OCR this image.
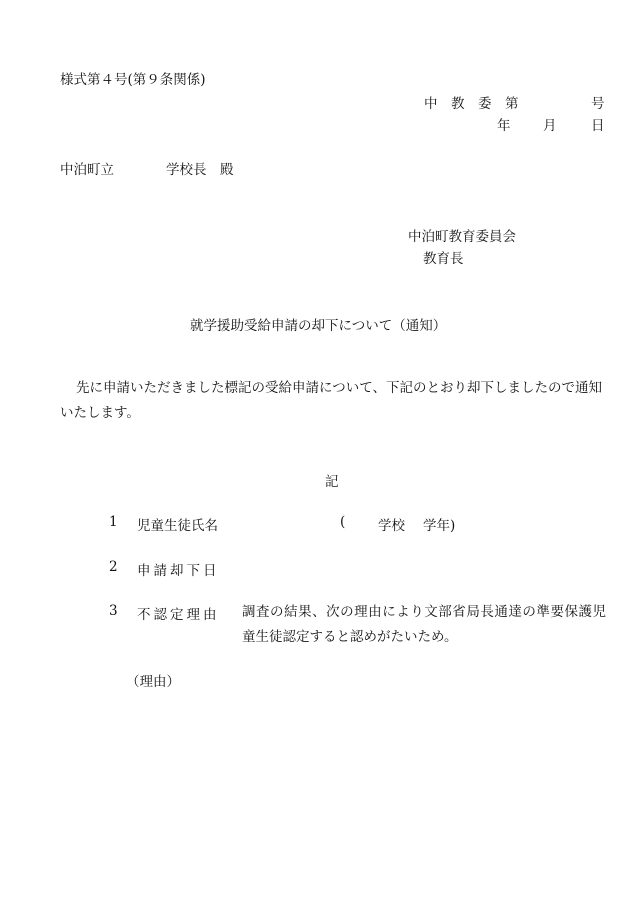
様式第４号(第９条関係)
中　教　委　第	号
年 月	日
中泊町立	学校長　殿
中泊町教育委員会
教育長
就学援助受給申請の却下について（通知）
先に申請いただきました標記の受給申請について、下記のとおり却下しましたので通知いたします。
記
1 児童生徒氏名	( 学校 学年)
2 申請却下日
3 不認定理由 調査の結果、次の理由により文部省局長通達の準要保護児童生徒認定すると認めがたいため。
（理由）
